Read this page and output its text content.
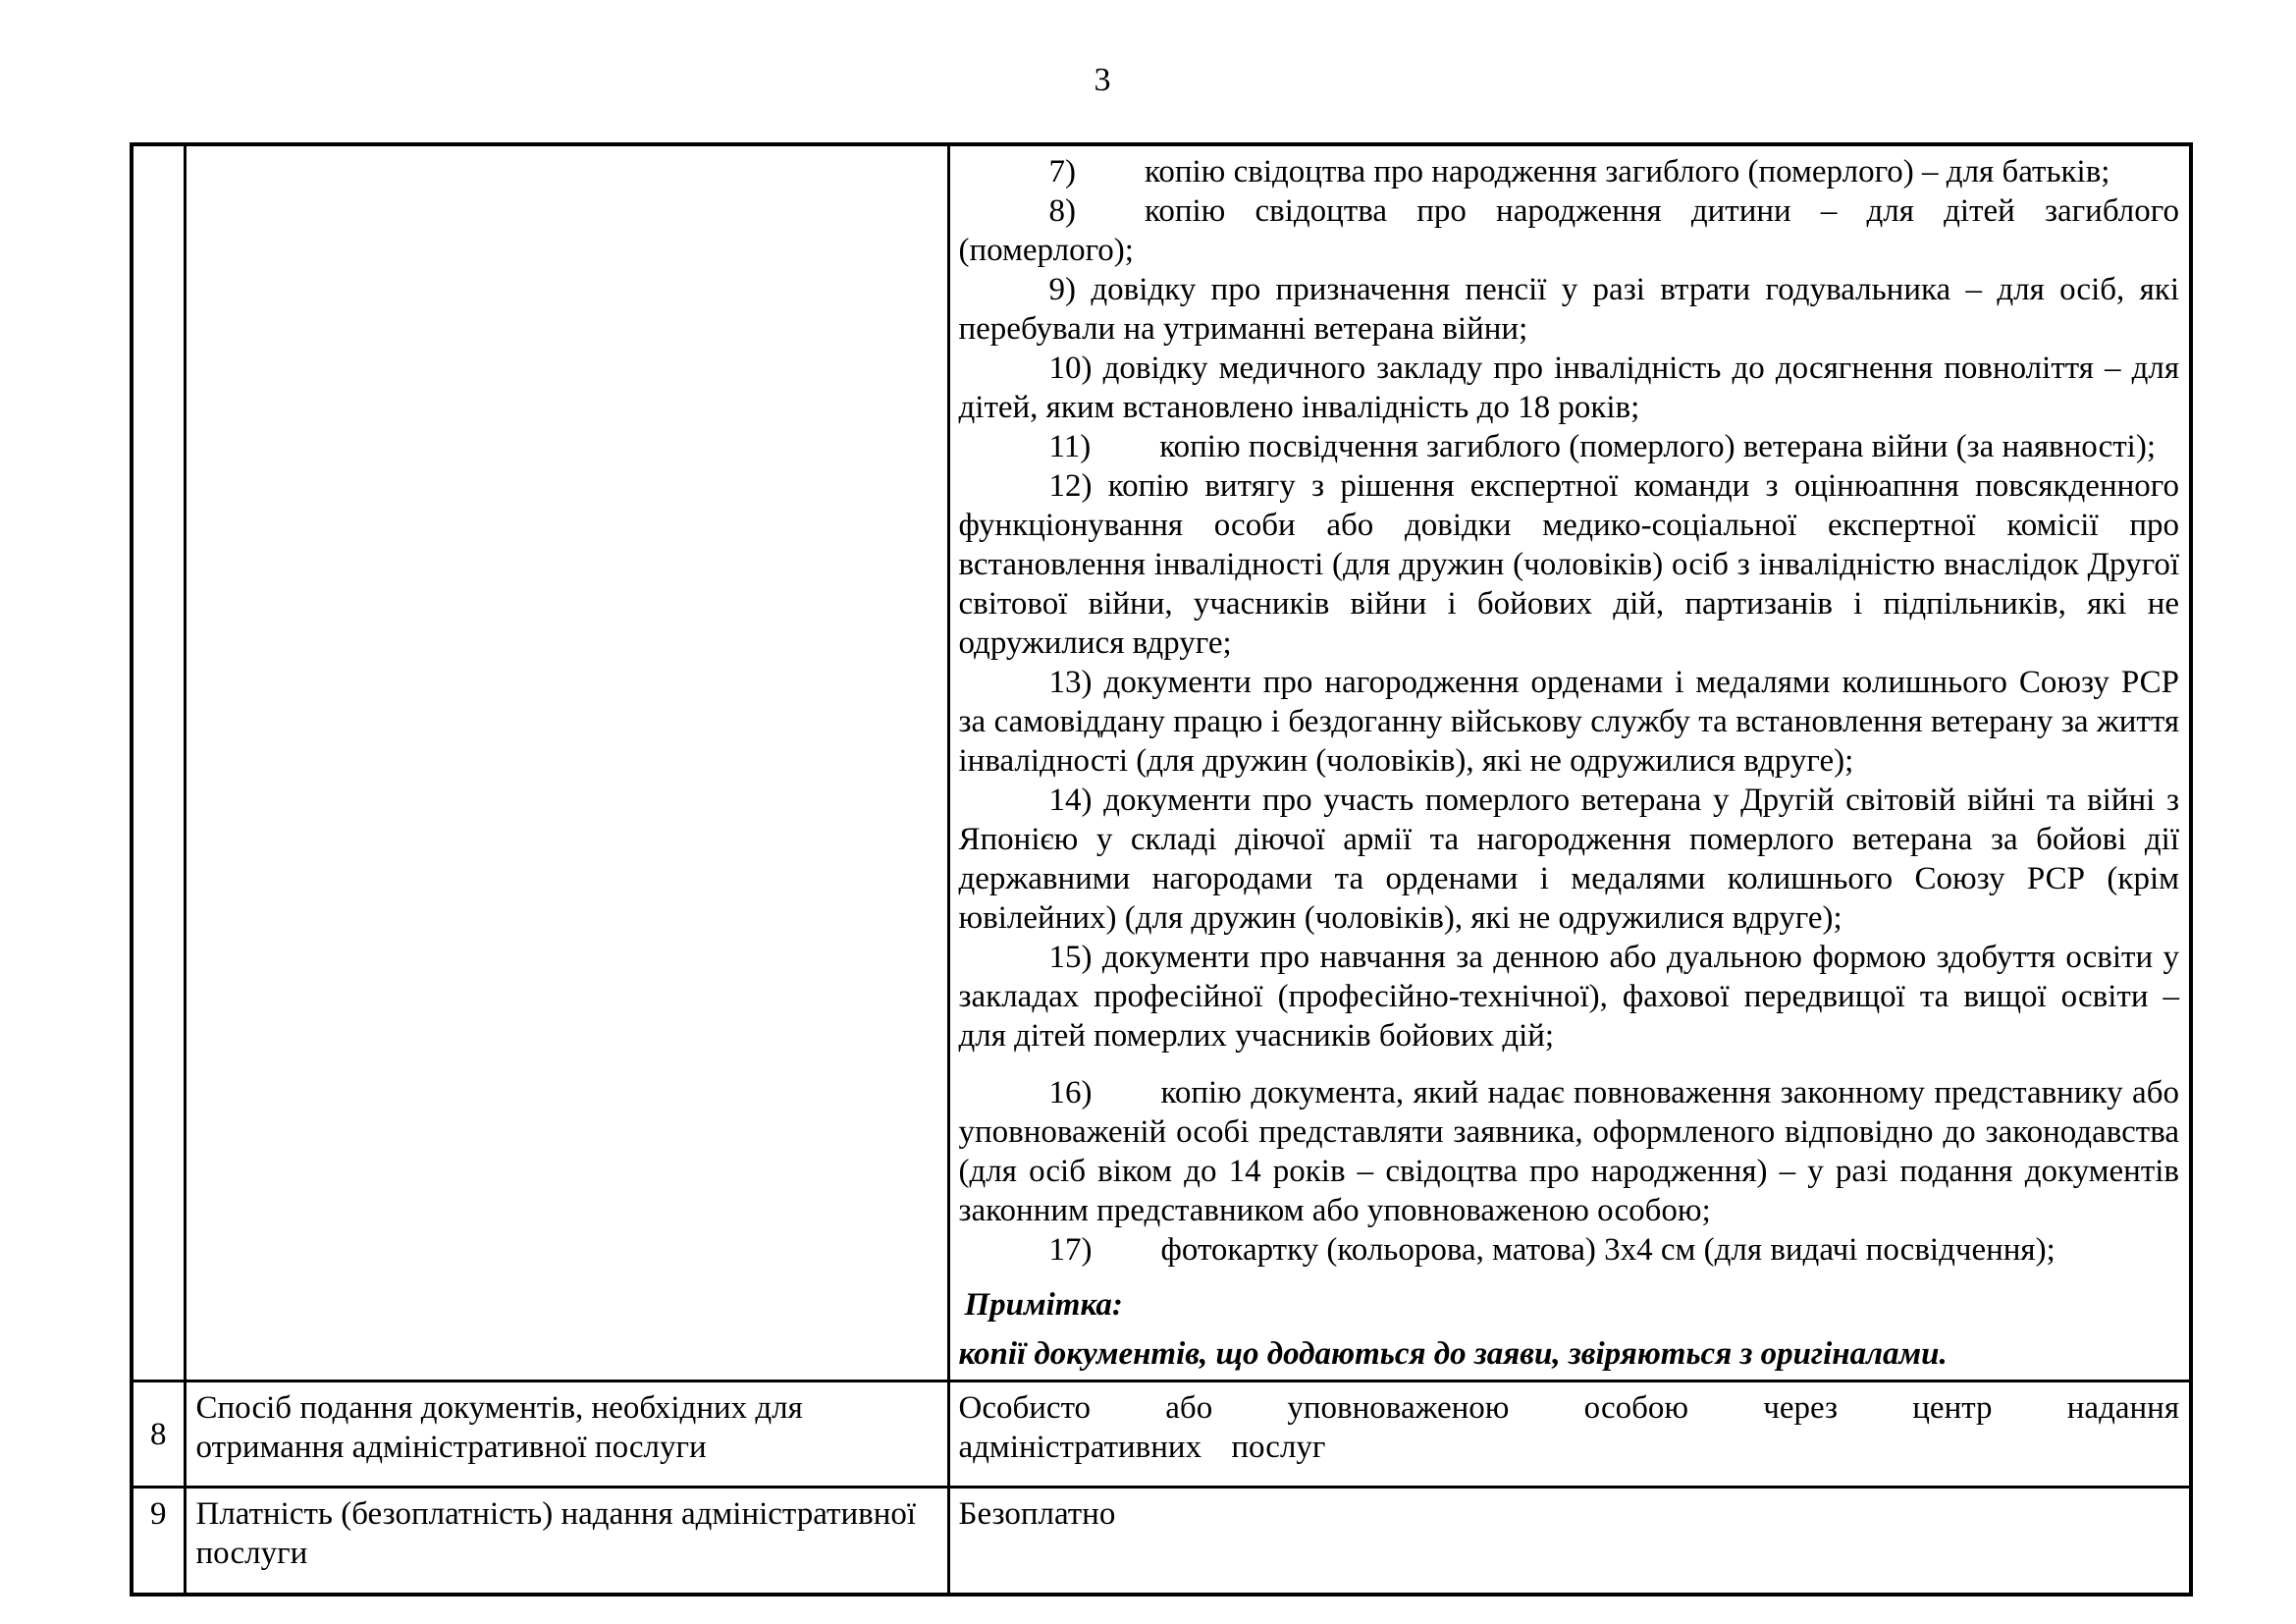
3

7) копію свідоцтва про народження загиблого (померлого) – для батьків;

8) копію свідоцтва про народження дитини – для дітей загиблого (померлого);

9) довідку про призначення пенсії у разі втрати годувальника – для осіб, які перебували на утриманні ветерана війни;

10) довідку медичного закладу про інвалідність до досягнення повноліття – для дітей, яким встановлено інвалідність до 18 років;

11) копію посвідчення загиблого (померлого) ветерана війни (за наявності);

12) копію витягу з рішення експертної команди з оцінюапння повсякденного функціонування особи або довідки медико-соціальної експертної комісії про встановлення інвалідності (для дружин (чоловіків) осіб з інвалідністю внаслідок Другої світової війни, учасників війни і бойових дій, партизанів і підпільників, які не одружилися вдруге;

13) документи про нагородження орденами і медалями колишнього Союзу РСР за самовіддану працю і бездоганну військову службу та встановлення ветерану за життя інвалідності (для дружин (чоловіків), які не одружилися вдруге);

14) документи про участь померлого ветерана у Другій світовій війні та війні з Японією у складі діючої армії та нагородження померлого ветерана за бойові дії державними нагородами та орденами і медалями колишнього Союзу РСР (крім ювілейних) (для дружин (чоловіків), які не одружилися вдруге);

15) документи про навчання за денною або дуальною формою здобуття освіти у закладах професійної (професійно-технічної), фахової передвищої та вищої освіти – для дітей померлих учасників бойових дій;

16) копію документа, який надає повноваження законному представнику або уповноваженій особі представляти заявника, оформленого відповідно до законодавства (для осіб віком до 14 років – свідоцтва про народження) – у разі подання документів законним представником або уповноваженою особою;

17) фотокартку (кольорова, матова) 3х4 см (для видачі посвідчення);

Примітка:

копії документів, що додаються до заяви, звіряються з оригіналами.

8	Спосіб подання документів, необхідних для отримання адміністративної послуги	Особисто або уповноваженою особою через центр надання адміністративних послуг
9	Платність (безоплатність) надання адміністративної послуги	Безоплатно
